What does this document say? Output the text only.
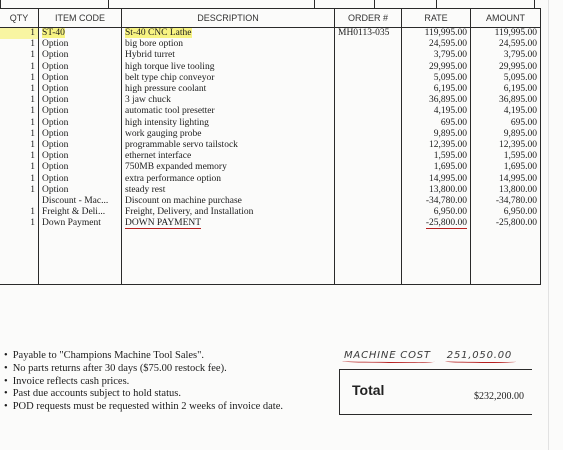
QTY	ITEM CODE	DESCRIPTION	ORDER #	RATE	AMOUNT
1	ST-40	St-40 CNC Lathe	MH0113-035	119,995.00	119,995.00
1	Option	big bore option		24,595.00	24,595.00
1	Option	Hybrid turret		3,795.00	3,795.00
1	Option	high torque live tooling		29,995.00	29,995.00
1	Option	belt type chip conveyor		5,095.00	5,095.00
1	Option	high pressure coolant		6,195.00	6,195.00
1	Option	3 jaw chuck		36,895.00	36,895.00
1	Option	automatic tool presetter		4,195.00	4,195.00
1	Option	high intensity lighting		695.00	695.00
1	Option	work gauging probe		9,895.00	9,895.00
1	Option	programmable servo tailstock		12,395.00	12,395.00
1	Option	ethernet interface		1,595.00	1,595.00
1	Option	750MB expanded memory		1,695.00	1,695.00
1	Option	extra performance option		14,995.00	14,995.00
1	Option	steady rest		13,800.00	13,800.00
	Discount - Mac...	Discount on machine purchase		-34,780.00	-34,780.00
1	Freight & Deli...	Freight, Delivery, and Installation		6,950.00	6,950.00
1	Down Payment	DOWN PAYMENT		-25,800.00	-25,800.00

• Payable to "Champions Machine Tool Sales".
• No parts returns after 30 days ($75.00 restock fee).
• Invoice reflects cash prices.
• Past due accounts subject to hold status.
• POD requests must be requested within 2 weeks of invoice date.
MACHINE COST 251,050.00
Total	$232,200.00
